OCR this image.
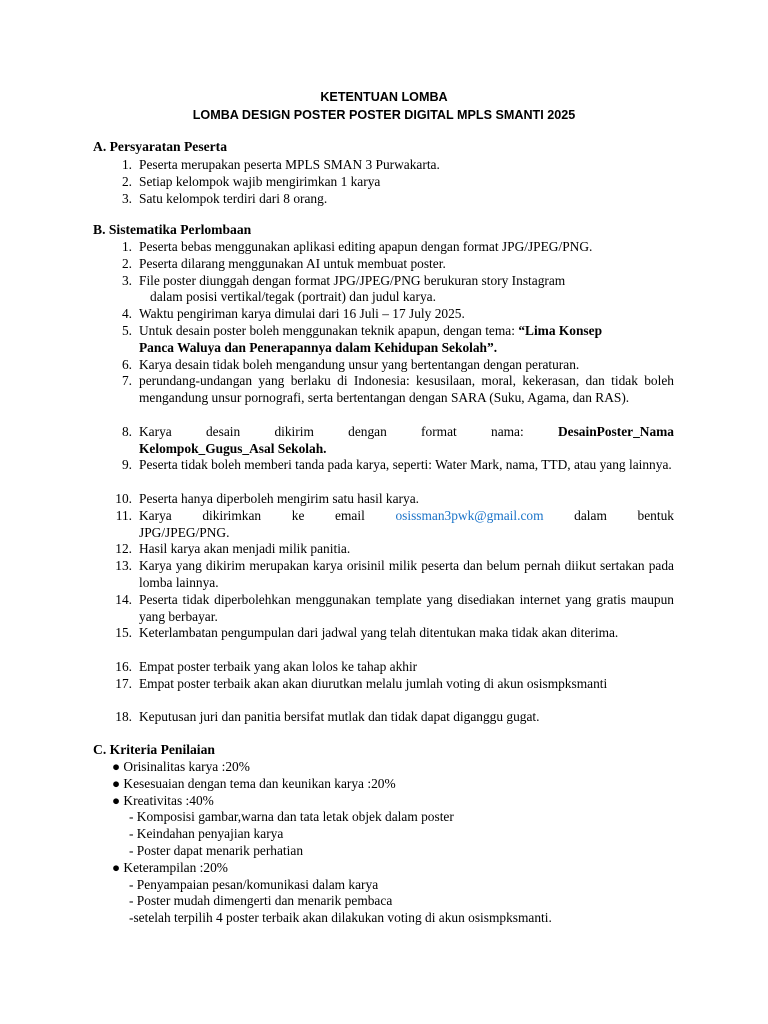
KETENTUAN LOMBA
LOMBA DESIGN POSTER POSTER DIGITAL MPLS SMANTI 2025
A. Persyaratan Peserta
1. Peserta merupakan peserta MPLS SMAN 3 Purwakarta.
2. Setiap kelompok wajib mengirimkan 1 karya
3. Satu kelompok terdiri dari 8 orang.
B. Sistematika Perlombaan
1. Peserta bebas menggunakan aplikasi editing apapun dengan format JPG/JPEG/PNG.
2. Peserta dilarang menggunakan AI untuk membuat poster.
3. File poster diunggah dengan format JPG/JPEG/PNG berukuran story Instagram
dalam posisi vertikal/tegak (portrait) dan judul karya.
4. Waktu pengiriman karya dimulai dari 16 Juli – 17 July 2025.
5. Untuk desain poster boleh menggunakan teknik apapun, dengan tema: “Lima Konsep
Panca Waluya dan Penerapannya dalam Kehidupan Sekolah”.
6. Karya desain tidak boleh mengandung unsur yang bertentangan dengan peraturan.
7. perundang-undangan yang berlaku di Indonesia: kesusilaan, moral, kekerasan, dan tidak boleh mengandung unsur pornografi, serta bertentangan dengan SARA (Suku, Agama, dan RAS).
8. Karya	desain	dikirim	dengan	format	nama:	DesainPoster_Nama
Kelompok_Gugus_Asal Sekolah.
9. Peserta tidak boleh memberi tanda pada karya, seperti: Water Mark, nama, TTD, atau yang lainnya.
10. Peserta hanya diperboleh mengirim satu hasil karya.
11. Karya dikirimkan ke email osissman3pwk@gmail.com dalam bentuk
JPG/JPEG/PNG.
12. Hasil karya akan menjadi milik panitia.
13. Karya yang dikirim merupakan karya orisinil milik peserta dan belum pernah diikut sertakan pada lomba lainnya.
14. Peserta tidak diperbolehkan menggunakan template yang disediakan internet yang gratis maupun yang berbayar.
15. Keterlambatan pengumpulan dari jadwal yang telah ditentukan maka tidak akan diterima.
16. Empat poster terbaik yang akan lolos ke tahap akhir
17. Empat poster terbaik akan akan diurutkan melalu jumlah voting di akun osismpksmanti
18. Keputusan juri dan panitia bersifat mutlak dan tidak dapat diganggu gugat.
C. Kriteria Penilaian
● Orisinalitas karya :20%
● Kesesuaian dengan tema dan keunikan karya :20%
● Kreativitas :40%
- Komposisi gambar,warna dan tata letak objek dalam poster
- Keindahan penyajian karya
- Poster dapat menarik perhatian
● Keterampilan :20%
- Penyampaian pesan/komunikasi dalam karya
- Poster mudah dimengerti dan menarik pembaca
-setelah terpilih 4 poster terbaik akan dilakukan voting di akun osismpksmanti.
